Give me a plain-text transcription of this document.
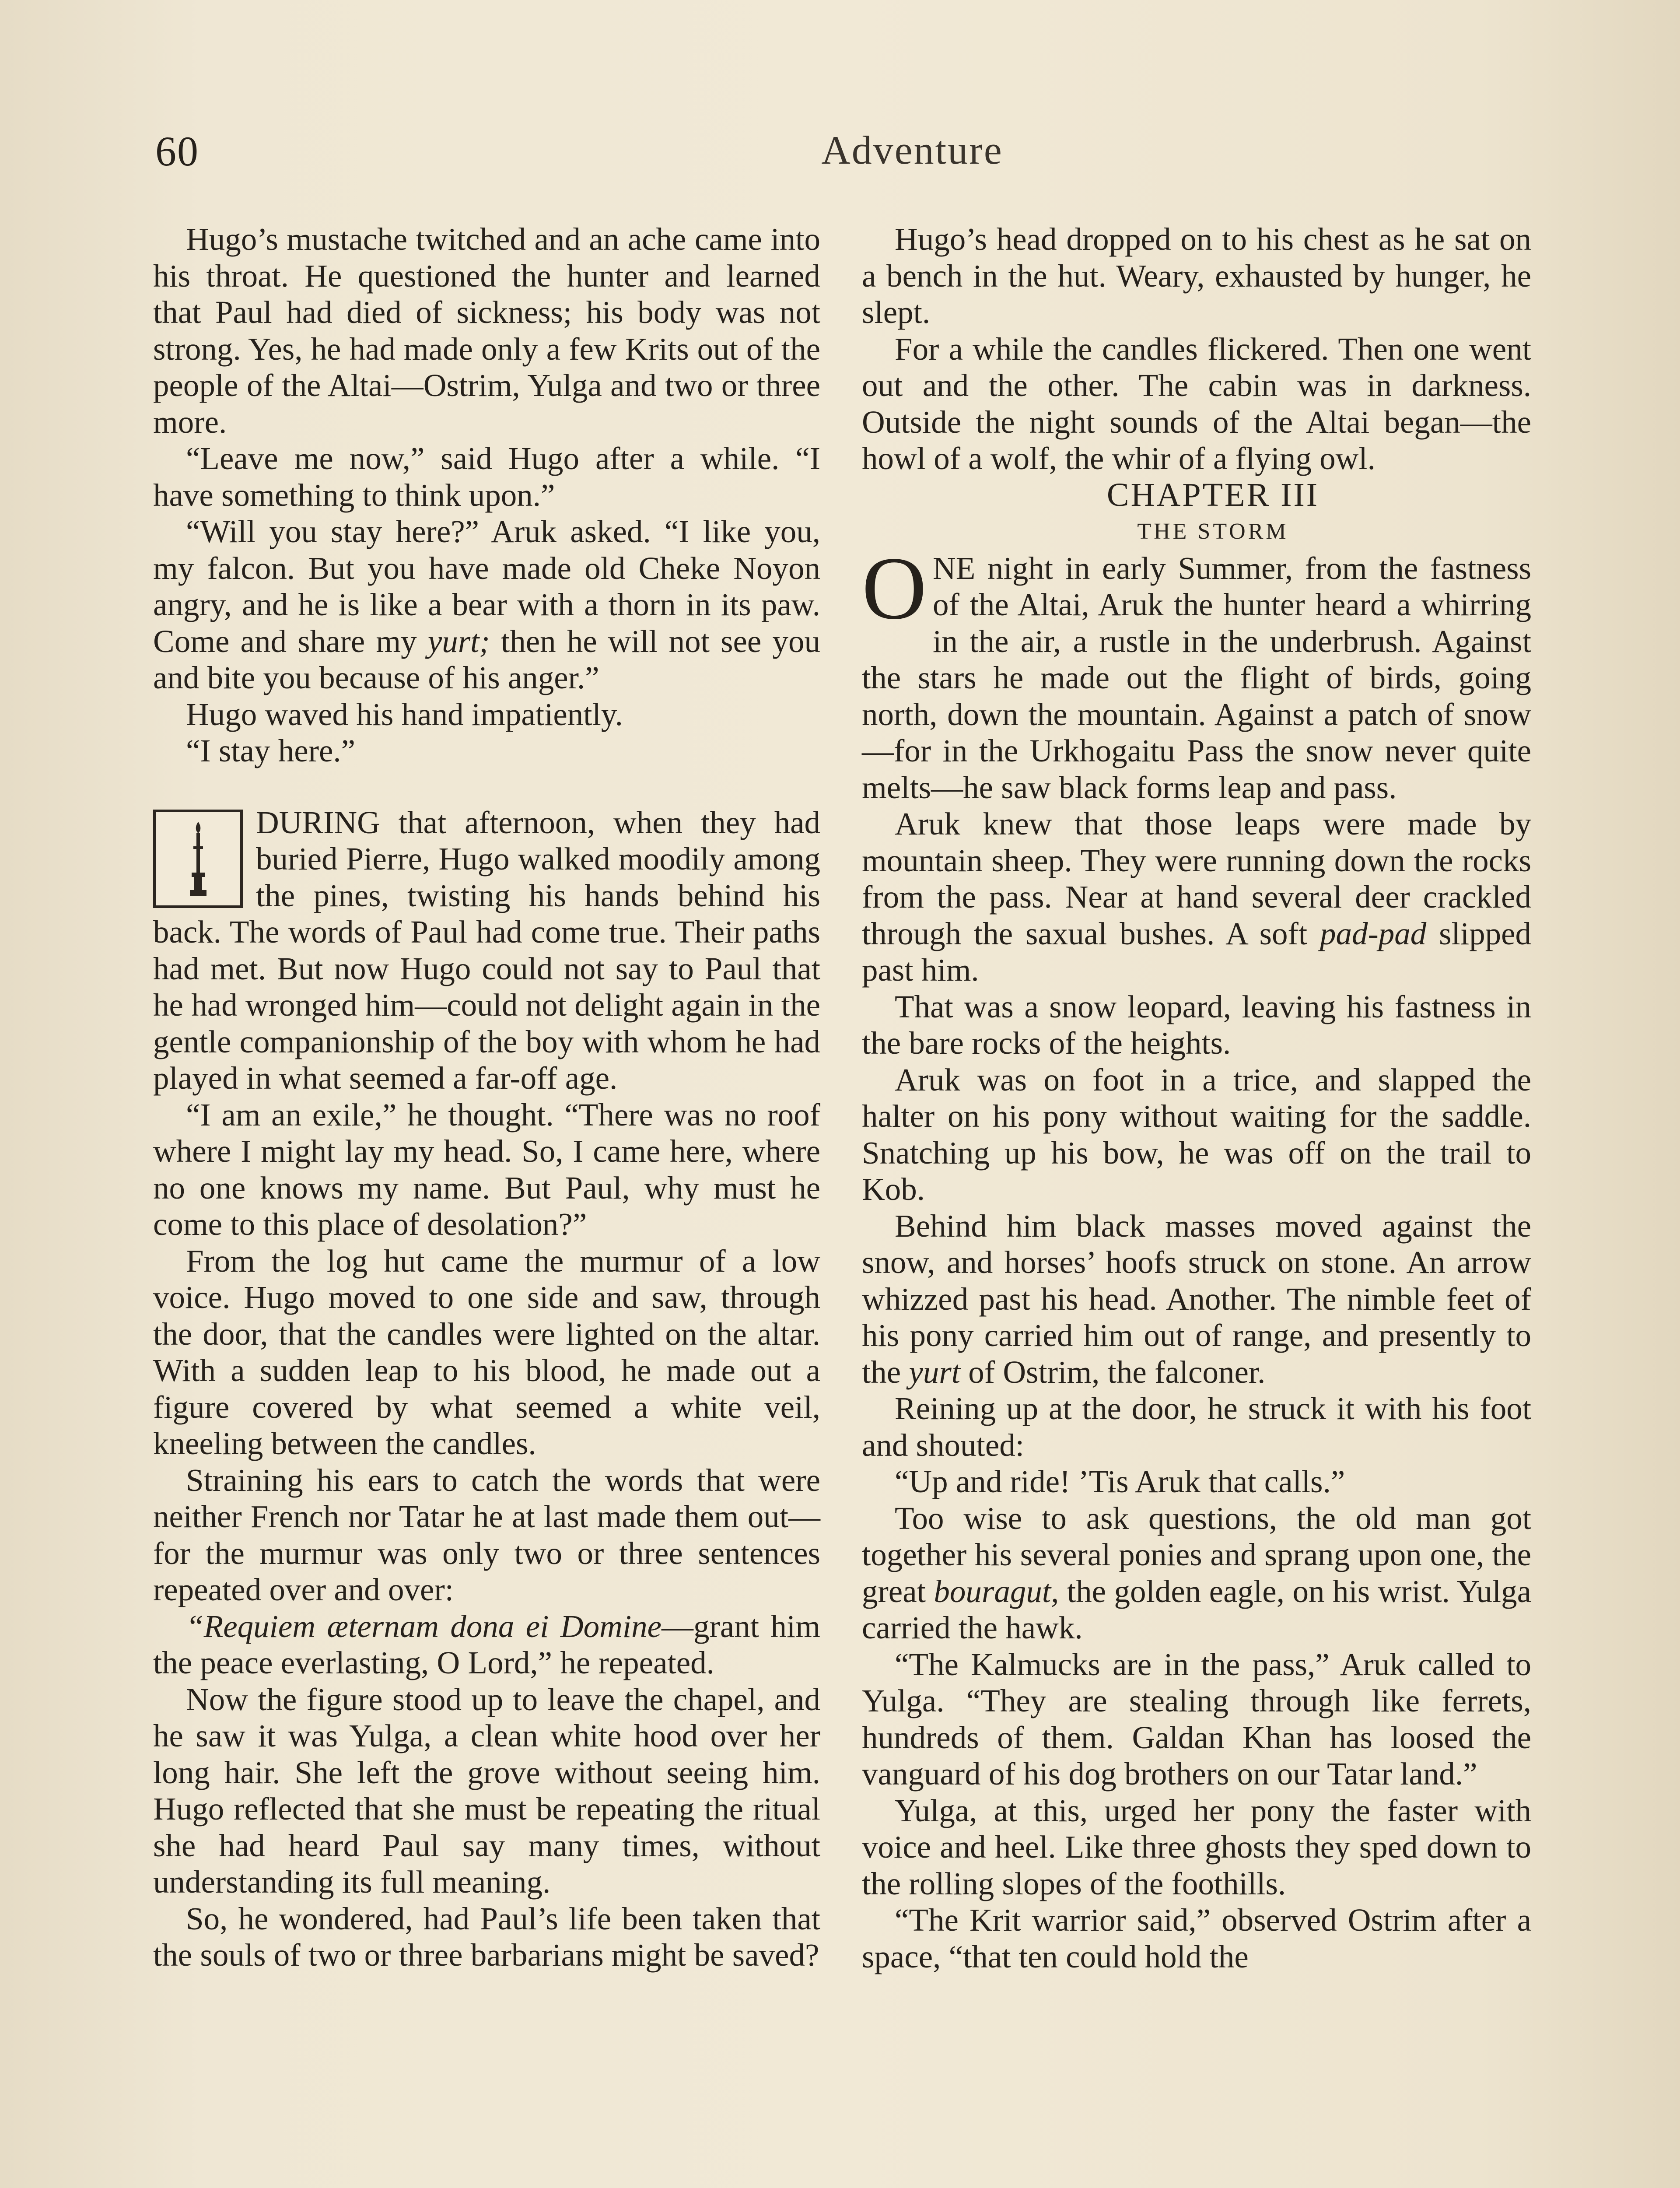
60	Adventure

Hugo’s mustache twitched and an ache came into his throat. He questioned the hunter and learned that Paul had died of sickness; his body was not strong. Yes, he had made only a few Krits out of the people of the Altai—Ostrim, Yulga and two or three more.

“Leave me now,” said Hugo after a while. “I have something to think upon.”

“Will you stay here?” Aruk asked. “I like you, my falcon. But you have made old Cheke Noyon angry, and he is like a bear with a thorn in its paw. Come and share my yurt; then he will not see you and bite you because of his anger.”

Hugo waved his hand impatiently.

“I stay here.”

DURING that afternoon, when they had buried Pierre, Hugo walked moodily among the pines, twisting his hands behind his back. The words of Paul had come true. Their paths had met. But now Hugo could not say to Paul that he had wronged him—could not delight again in the gentle companionship of the boy with whom he had played in what seemed a far-off age.

“I am an exile,” he thought. “There was no roof where I might lay my head. So, I came here, where no one knows my name. But Paul, why must he come to this place of desolation?”

From the log hut came the murmur of a low voice. Hugo moved to one side and saw, through the door, that the candles were lighted on the altar. With a sudden leap to his blood, he made out a figure covered by what seemed a white veil, kneeling between the candles.

Straining his ears to catch the words that were neither French nor Tatar he at last made them out—for the murmur was only two or three sentences repeated over and over:

“Requiem æternam dona ei Domine—grant him the peace everlasting, O Lord,” he repeated.

Now the figure stood up to leave the chapel, and he saw it was Yulga, a clean white hood over her long hair. She left the grove without seeing him. Hugo reflected that she must be repeating the ritual she had heard Paul say many times, without understanding its full meaning.

So, he wondered, had Paul’s life been taken that the souls of two or three barbarians might be saved?

Hugo’s head dropped on to his chest as he sat on a bench in the hut. Weary, exhausted by hunger, he slept.

For a while the candles flickered. Then one went out and the other. The cabin was in darkness. Outside the night sounds of the Altai began—the howl of a wolf, the whir of a flying owl.

CHAPTER III

THE STORM

ONE night in early Summer, from the fastness of the Altai, Aruk the hunter heard a whirring in the air, a rustle in the underbrush. Against the stars he made out the flight of birds, going north, down the mountain. Against a patch of snow—for in the Urkhogaitu Pass the snow never quite melts—he saw black forms leap and pass.

Aruk knew that those leaps were made by mountain sheep. They were running down the rocks from the pass. Near at hand several deer crackled through the saxual bushes. A soft pad-pad slipped past him.

That was a snow leopard, leaving his fastness in the bare rocks of the heights.

Aruk was on foot in a trice, and slapped the halter on his pony without waiting for the saddle. Snatching up his bow, he was off on the trail to Kob.

Behind him black masses moved against the snow, and horses’ hoofs struck on stone. An arrow whizzed past his head. Another. The nimble feet of his pony carried him out of range, and presently to the yurt of Ostrim, the falconer.

Reining up at the door, he struck it with his foot and shouted:

“Up and ride! ’Tis Aruk that calls.”

Too wise to ask questions, the old man got together his several ponies and sprang upon one, the great bouragut, the golden eagle, on his wrist. Yulga carried the hawk.

“The Kalmucks are in the pass,” Aruk called to Yulga. “They are stealing through like ferrets, hundreds of them. Galdan Khan has loosed the vanguard of his dog brothers on our Tatar land.”

Yulga, at this, urged her pony the faster with voice and heel. Like three ghosts they sped down to the rolling slopes of the foothills.

“The Krit warrior said,” observed Ostrim after a space, “that ten could hold the
